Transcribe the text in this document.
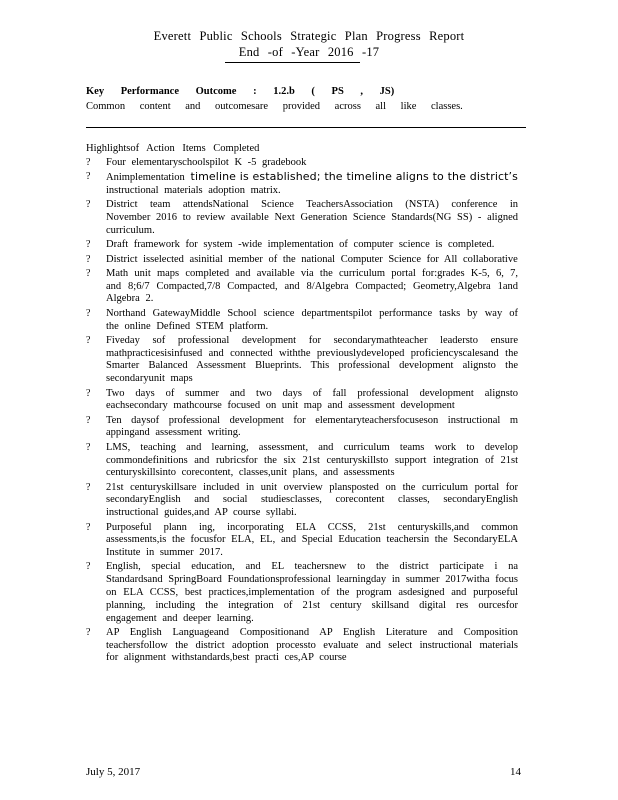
Everett Public Schools Strategic Plan Progress Report
End -of -Year 2016 -17
Key Performance Outcome : 1.2.b ( PS , JS)
Common content and outcomesare provided across all like classes.
Highlightsof Action Items Completed
? Four elementaryschoolspilot K -5 gradebook
? Animplementation timeline is established; the timeline aligns to the district’s instructional materials adoption matrix.
? District team attendsNational Science TeachersAssociation (NSTA) conference in November 2016 to review available Next Generation Science Standards(NG SS) - aligned curriculum.
? Draft framework for system -wide implementation of computer science is completed.
? District isselected asinitial member of the national Computer Science for All collaborative
? Math unit maps completed and available via the curriculum portal for:grades K-5, 6, 7, and 8;6/7 Compacted,7/8 Compacted, and 8/Algebra Compacted; Geometry,Algebra 1and Algebra 2.
? Northand GatewayMiddle School science departmentspilot performance tasks by way of the online Defined STEM platform.
? Fiveday sof professional development for secondarymathteacher leadersto ensure mathpracticesisinfused and connected withthe previouslydeveloped proficiencyscalesand the Smarter Balanced Assessment Blueprints. This professional development alignsto the secondaryunit maps
? Two days of summer and two days of fall professional development alignsto eachsecondary mathcourse focused on unit map and assessment development
? Ten daysof professional development for elementaryteachersfocuseson instructional m appingand assessment writing.
? LMS, teaching and learning, assessment, and curriculum teams work to develop commondefinitions and rubricsfor the six 21st centuryskillsto support integration of 21st centuryskillsinto corecontent, classes,unit plans, and assessments
? 21st centuryskillsare included in unit overview plansposted on the curriculum portal for secondaryEnglish and social studiesclasses, corecontent classes, secondaryEnglish instructional guides,and AP course syllabi.
? Purposeful plann ing, incorporating ELA CCSS, 21st centuryskills,and common assessments,is the focusfor ELA, EL, and Special Education teachersin the SecondaryELA Institute in summer 2017.
? English, special education, and EL teachersnew to the district participate i na Standardsand SpringBoard Foundationsprofessional learningday in summer 2017witha focus on ELA CCSS, best practices,implementation of the program asdesigned and purposeful planning, including the integration of 21st century skillsand digital res ourcesfor engagement and deeper learning.
? AP English Languageand Compositionand AP English Literature and Composition teachersfollow the district adoption processto evaluate and select instructional materials for alignment withstandards,best practi ces,AP course
July 5, 2017	14
